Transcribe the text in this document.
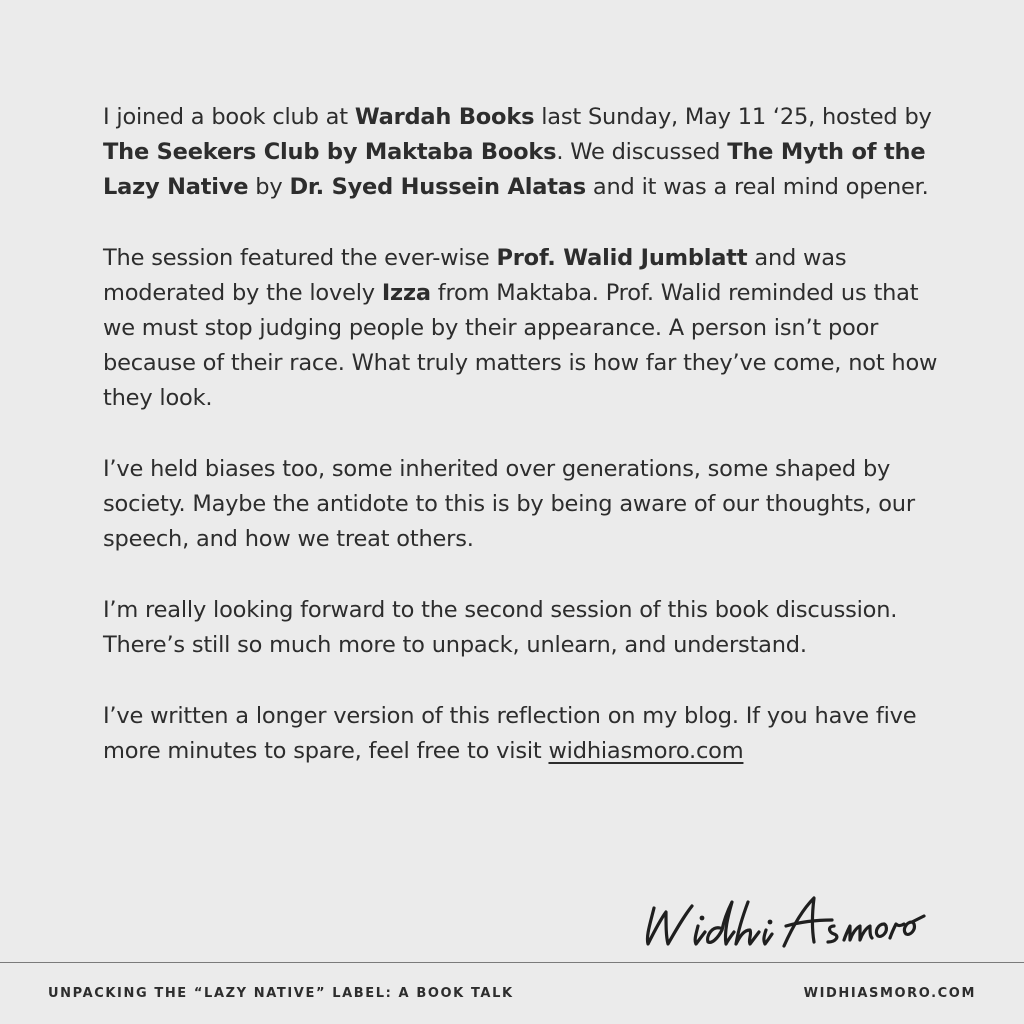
I joined a book club at Wardah Books last Sunday, May 11 ‘25, hosted by The Seekers Club by Maktaba Books. We discussed The Myth of the Lazy Native by Dr. Syed Hussein Alatas and it was a real mind opener.

The session featured the ever-wise Prof. Walid Jumblatt and was moderated by the lovely Izza from Maktaba. Prof. Walid reminded us that we must stop judging people by their appearance. A person isn’t poor because of their race. What truly matters is how far they’ve come, not how they look.

I’ve held biases too, some inherited over generations, some shaped by society. Maybe the antidote to this is by being aware of our thoughts, our speech, and how we treat others.

I’m really looking forward to the second session of this book discussion. There’s still so much more to unpack, unlearn, and understand.

I’ve written a longer version of this reflection on my blog. If you have five more minutes to spare, feel free to visit widhiasmoro.com

UNPACKING THE “LAZY NATIVE” LABEL: A BOOK TALK	WIDHIASMORO.COM
